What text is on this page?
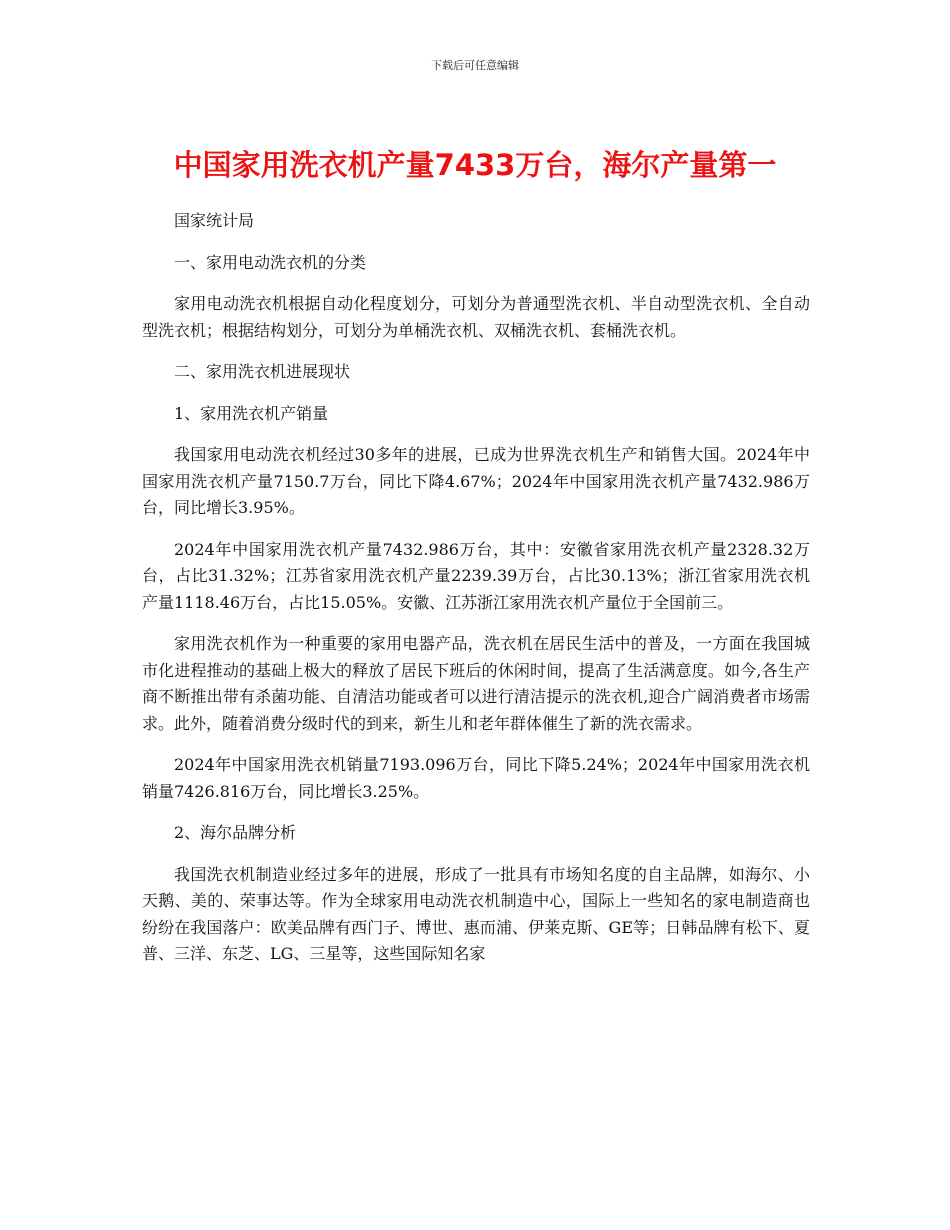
下载后可任意编辑
中国家用洗衣机产量7433万台，海尔产量第一

国家统计局

一、家用电动洗衣机的分类

家用电动洗衣机根据自动化程度划分，可划分为普通型洗衣机、半自动型洗衣机、全自动型洗衣机；根据结构划分，可划分为单桶洗衣机、双桶洗衣机、套桶洗衣机。

二、家用洗衣机进展现状

1、家用洗衣机产销量

我国家用电动洗衣机经过30多年的进展，已成为世界洗衣机生产和销售大国。2024年中国家用洗衣机产量7150.7万台，同比下降4.67%；2024年中国家用洗衣机产量7432.986万台，同比增长3.95%。

2024年中国家用洗衣机产量7432.986万台，其中：安徽省家用洗衣机产量2328.32万台，占比31.32%；江苏省家用洗衣机产量2239.39万台，占比30.13%；浙江省家用洗衣机产量1118.46万台，占比15.05%。安徽、江苏浙江家用洗衣机产量位于全国前三。

家用洗衣机作为一种重要的家用电器产品，洗衣机在居民生活中的普及，一方面在我国城市化进程推动的基础上极大的释放了居民下班后的休闲时间，提高了生活满意度。如今,各生产商不断推出带有杀菌功能、自清洁功能或者可以进行清洁提示的洗衣机,迎合广阔消费者市场需求。此外，随着消费分级时代的到来，新生儿和老年群体催生了新的洗衣需求。

2024年中国家用洗衣机销量7193.096万台，同比下降5.24%；2024年中国家用洗衣机销量7426.816万台，同比增长3.25%。

2、海尔品牌分析

我国洗衣机制造业经过多年的进展，形成了一批具有市场知名度的自主品牌，如海尔、小天鹅、美的、荣事达等。作为全球家用电动洗衣机制造中心，国际上一些知名的家电制造商也纷纷在我国落户：欧美品牌有西门子、博世、惠而浦、伊莱克斯、GE等；日韩品牌有松下、夏普、三洋、东芝、LG、三星等，这些国际知名家
